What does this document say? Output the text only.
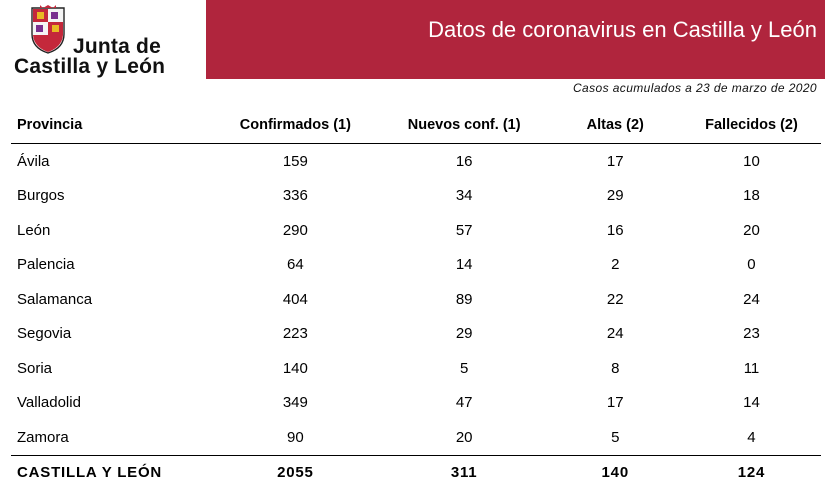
Junta de
Castilla y León
Datos de coronavirus en Castilla y León
Casos acumulados a 23 de marzo de 2020
Provincia	Confirmados (1)	Nuevos conf. (1)	Altas (2)	Fallecidos (2)
Ávila	159	16	17	10
Burgos	336	34	29	18
León	290	57	16	20
Palencia	64	14	2	0
Salamanca	404	89	22	24
Segovia	223	29	24	23
Soria	140	5	8	11
Valladolid	349	47	17	14
Zamora	90	20	5	4
CASTILLA Y LEÓN	2055	311	140	124
